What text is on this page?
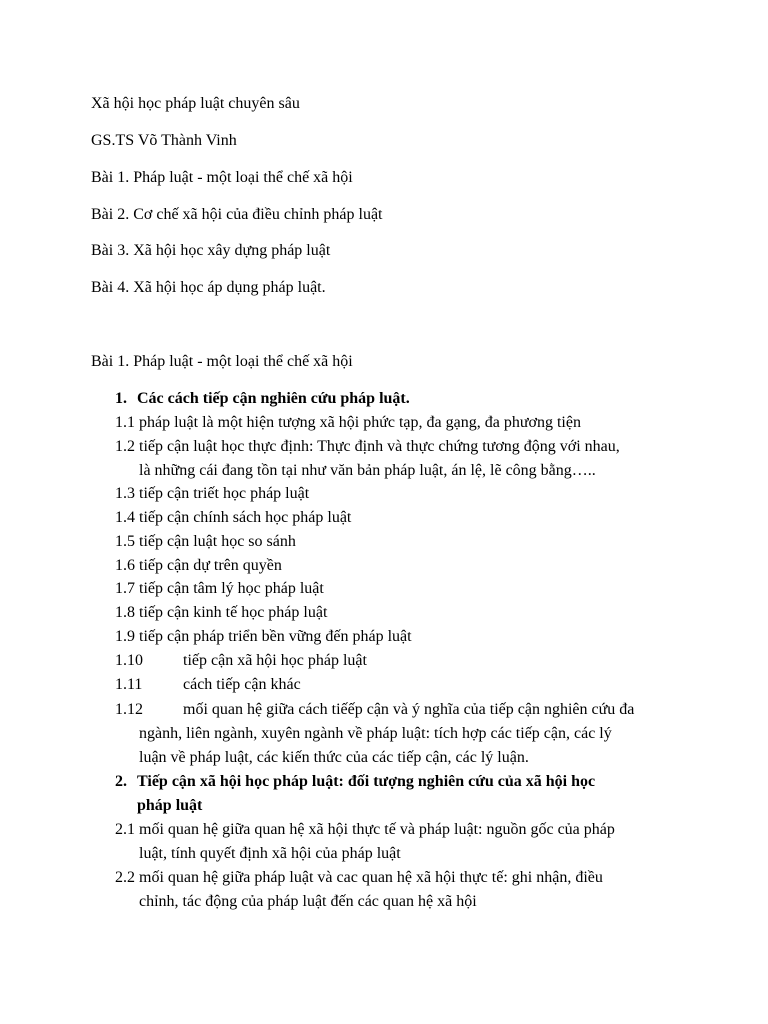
Xã hội học pháp luật chuyên sâu
GS.TS Võ Thành Vinh
Bài 1. Pháp luật - một loại thể chế xã hội
Bài 2. Cơ chế xã hội của điều chỉnh pháp luật
Bài 3. Xã hội học xây dựng pháp luật
Bài 4. Xã hội học áp dụng pháp luật.
Bài 1. Pháp luật - một loại thể chế xã hội
1. Các cách tiếp cận nghiên cứu pháp luật.
1.1 pháp luật là một hiện tượng xã hội phức tạp, đa gạng, đa phương tiện
1.2 tiếp cận luật học thực định: Thực định và thực chứng tương động với nhau,
là những cái đang tồn tại như văn bản pháp luật, án lệ, lẽ công bằng…..
1.3 tiếp cận triết học pháp luật
1.4 tiếp cận chính sách học pháp luật
1.5 tiếp cận luật học so sánh
1.6 tiếp cận dự trên quyền
1.7 tiếp cận tâm lý học pháp luật
1.8 tiếp cận kinh tế học pháp luật
1.9 tiếp cận pháp triển bền vững đến pháp luật
1.10	tiếp cận xã hội học pháp luật
1.11	cách tiếp cận khác
1.12	mối quan hệ giữa cách tiếếp cận và ý nghĩa của tiếp cận nghiên cứu đa
ngành, liên ngành, xuyên ngành về pháp luật: tích hợp các tiếp cận, các lý
luận về pháp luật, các kiến thức của các tiếp cận, các lý luận.
2. Tiếp cận xã hội học pháp luật: đối tượng nghiên cứu của xã hội học
pháp luật
2.1 mối quan hệ giữa quan hệ xã hội thực tế và pháp luật: nguồn gốc của pháp
luật, tính quyết định xã hội của pháp luật
2.2 mối quan hệ giữa pháp luật và cac quan hệ xã hội thực tế: ghi nhận, điều
chỉnh, tác động của pháp luật đến các quan hệ xã hội
